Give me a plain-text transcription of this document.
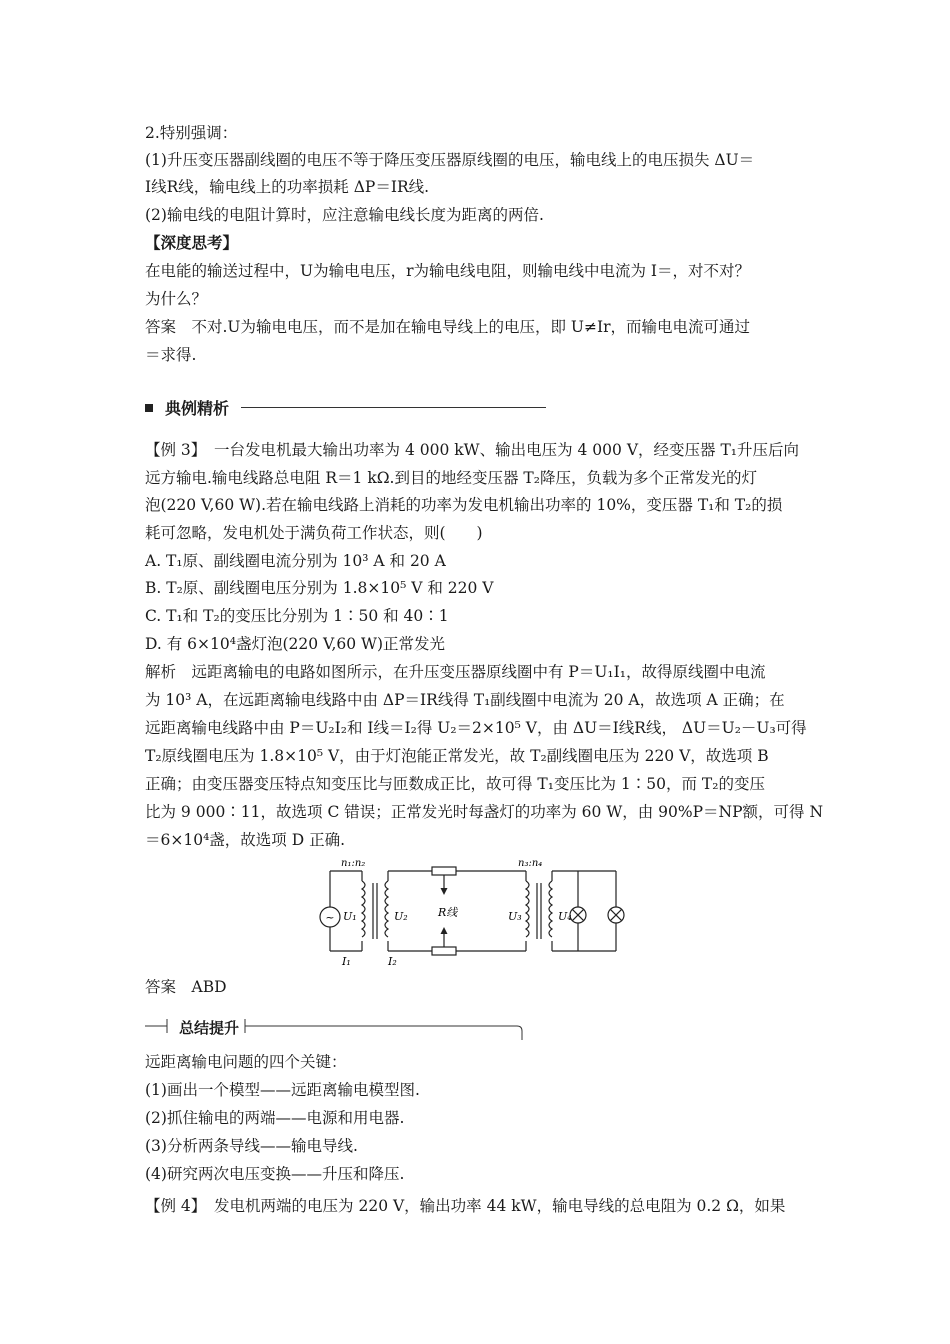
2.特别强调：
(1)升压变压器副线圈的电压不等于降压变压器原线圈的电压，输电线上的电压损失 ΔU＝
I线R线，输电线上的功率损耗 ΔP＝IR线.
(2)输电线的电阻计算时，应注意输电线长度为距离的两倍.
【深度思考】
在电能的输送过程中，U为输电电压，r为输电线电阻，则输电线中电流为 I＝，对不对？
为什么？
答案　不对.U为输电电压，而不是加在输电导线上的电压，即 U≠Ir，而输电电流可通过
＝求得.
典例精析
【例 3】　一台发电机最大输出功率为 4 000 kW、输出电压为 4 000 V，经变压器 T₁升压后向
远方输电.输电线路总电阻 R＝1 kΩ.到目的地经变压器 T₂降压，负载为多个正常发光的灯
泡(220 V,60 W).若在输电线路上消耗的功率为发电机输出功率的 10%，变压器 T₁和 T₂的损
耗可忽略，发电机处于满负荷工作状态，则(　　)
A. T₁原、副线圈电流分别为 10³ A 和 20 A
B. T₂原、副线圈电压分别为 1.8×10⁵ V 和 220 V
C. T₁和 T₂的变压比分别为 1∶50 和 40∶1
D. 有 6×10⁴盏灯泡(220 V,60 W)正常发光
解析　远距离输电的电路如图所示，在升压变压器原线圈中有 P＝U₁I₁，故得原线圈中电流
为 10³ A，在远距离输电线路中由 ΔP＝IR线得 T₁副线圈中电流为 20 A，故选项 A 正确；在
远距离输电线路中由 P＝U₂I₂和 I线＝I₂得 U₂＝2×10⁵ V，由 ΔU＝I线R线， ΔU＝U₂－U₃可得
T₂原线圈电压为 1.8×10⁵ V，由于灯泡能正常发光，故 T₂副线圈电压为 220 V，故选项 B
正确；由变压器变压特点知变压比与匝数成正比，故可得 T₁变压比为 1∶50，而 T₂的变压
比为 9 000∶11，故选项 C 错误；正常发光时每盏灯的功率为 60 W，由 90%P＝NP额，可得 N
＝6×10⁴盏，故选项 D 正确.
~
n₁:n₂	n₃:n₄
U₁	U₂	U₃	U₄
R线
I₁	I₂
答案　ABD
总结提升
远距离输电问题的四个关键：
(1)画出一个模型——远距离输电模型图.
(2)抓住输电的两端——电源和用电器.
(3)分析两条导线——输电导线.
(4)研究两次电压变换——升压和降压.
【例 4】　发电机两端的电压为 220 V，输出功率 44 kW，输电导线的总电阻为 0.2 Ω，如果
